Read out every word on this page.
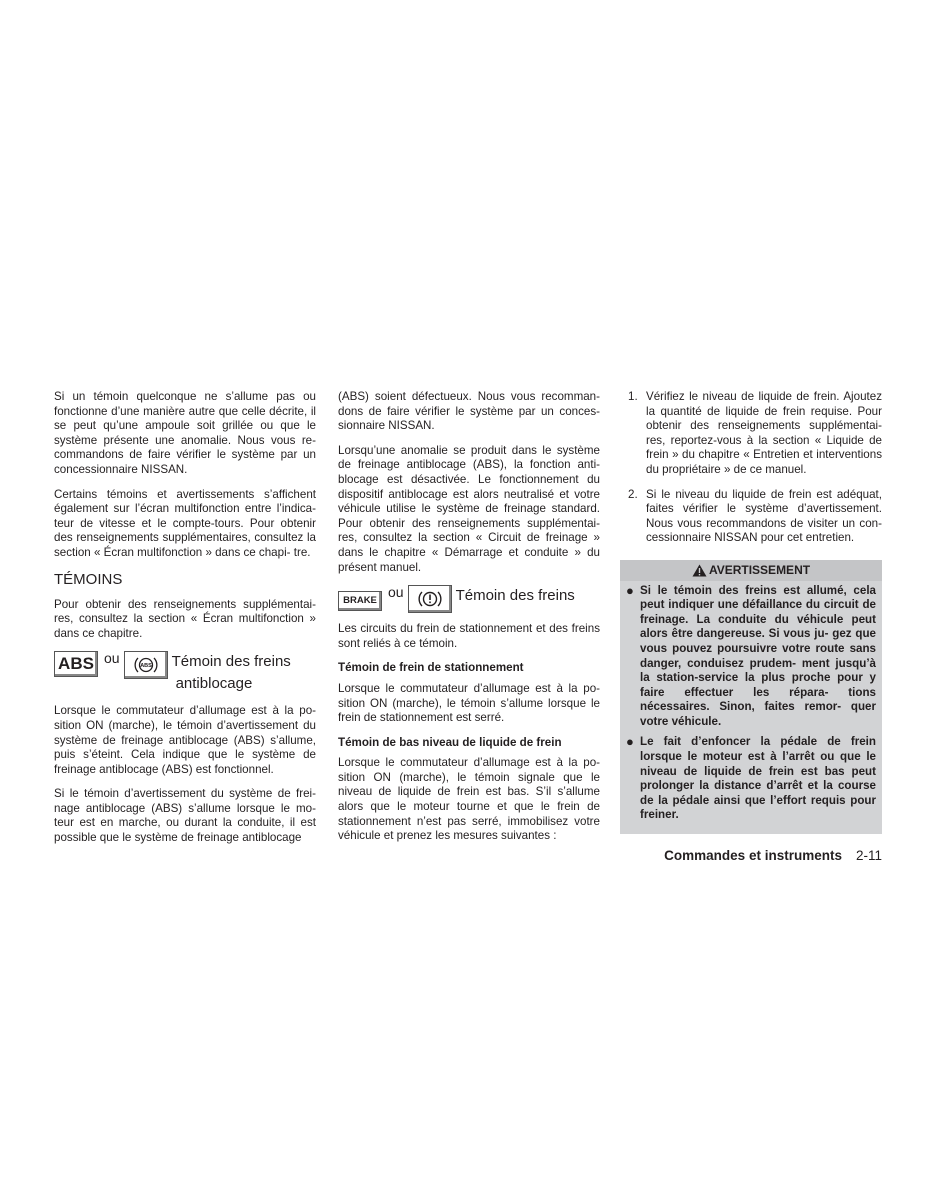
Si un témoin quelconque ne s’allume pas ou fonctionne d’une manière autre que celle décrite, il se peut qu’une ampoule soit grillée ou que le système présente une anomalie. Nous vous re- commandons de faire vérifier le système par un concessionnaire NISSAN.

Certains témoins et avertissements s’affichent également sur l’écran multifonction entre l’indica- teur de vitesse et le compte-tours. Pour obtenir des renseignements supplémentaires, consultez la section « Écran multifonction » dans ce chapi- tre.

TÉMOINS

Pour obtenir des renseignements supplémentai- res, consultez la section « Écran multifonction » dans ce chapitre.

ABS ou
ABS Témoin des freins
antiblocage

Lorsque le commutateur d’allumage est à la po- sition ON (marche), le témoin d’avertissement du système de freinage antiblocage (ABS) s’allume, puis s’éteint. Cela indique que le système de freinage antiblocage (ABS) est fonctionnel.

Si le témoin d’avertissement du système de frei- nage antiblocage (ABS) s’allume lorsque le mo- teur est en marche, ou durant la conduite, il est possible que le système de freinage antiblocage

(ABS) soient défectueux. Nous vous recomman- dons de faire vérifier le système par un conces- sionnaire NISSAN.

Lorsqu’une anomalie se produit dans le système de freinage antiblocage (ABS), la fonction anti- blocage est désactivée. Le fonctionnement du dispositif antiblocage est alors neutralisé et votre véhicule utilise le système de freinage standard. Pour obtenir des renseignements supplémentai- res, consultez la section « Circuit de freinage » dans le chapitre « Démarrage et conduite » du présent manuel.

BRAKE
ou	Témoin des freins

Les circuits du frein de stationnement et des freins sont reliés à ce témoin.

Témoin de frein de stationnement

Lorsque le commutateur d’allumage est à la po- sition ON (marche), le témoin s’allume lorsque le frein de stationnement est serré.

Témoin de bas niveau de liquide de frein

Lorsque le commutateur d’allumage est à la po- sition ON (marche), le témoin signale que le niveau de liquide de frein est bas. S’il s’allume alors que le moteur tourne et que le frein de stationnement n’est pas serré, immobilisez votre véhicule et prenez les mesures suivantes :

1. Vérifiez le niveau de liquide de frein. Ajoutez la quantité de liquide de frein requise. Pour obtenir des renseignements supplémentai- res, reportez-vous à la section « Liquide de frein » du chapitre « Entretien et interventions du propriétaire » de ce manuel.
2. Si le niveau du liquide de frein est adéquat, faites vérifier le système d’avertissement. Nous vous recommandons de visiter un con- cessionnaire NISSAN pour cet entretien.
AVERTISSEMENT
● Si le témoin des freins est allumé, cela peut indiquer une défaillance du circuit de freinage. La conduite du véhicule peut alors être dangereuse. Si vous ju- gez que vous pouvez poursuivre votre route sans danger, conduisez prudem- ment jusqu’à la station-service la plus proche pour y faire effectuer les répara- tions nécessaires. Sinon, faites remor- quer votre véhicule.
● Le fait d’enfoncer la pédale de frein lorsque le moteur est à l’arrêt ou que le niveau de liquide de frein est bas peut prolonger la distance d’arrêt et la course de la pédale ainsi que l’effort requis pour freiner.
Commandes et instruments 2-11
